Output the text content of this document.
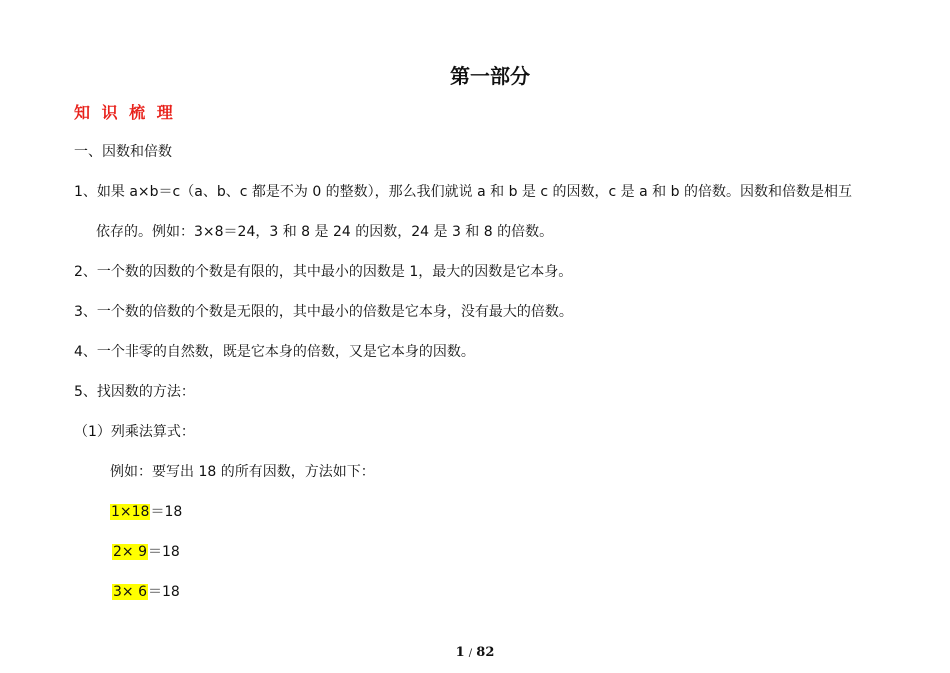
第一部分
知 识 梳 理
一、因数和倍数
1、如果 a×b＝c（a、b、c 都是不为 0 的整数），那么我们就说 a 和 b 是 c 的因数，c 是 a 和 b 的倍数。因数和倍数是相互
依存的。例如：3×8＝24，3 和 8 是 24 的因数，24 是 3 和 8 的倍数。
2、一个数的因数的个数是有限的，其中最小的因数是 1，最大的因数是它本身。
3、一个数的倍数的个数是无限的，其中最小的倍数是它本身，没有最大的倍数。
4、一个非零的自然数，既是它本身的倍数，又是它本身的因数。
5、找因数的方法：
（1）列乘法算式：
例如：要写出 18 的所有因数，方法如下：
1×18＝18
2× 9＝18
3× 6＝18
1 / 82
